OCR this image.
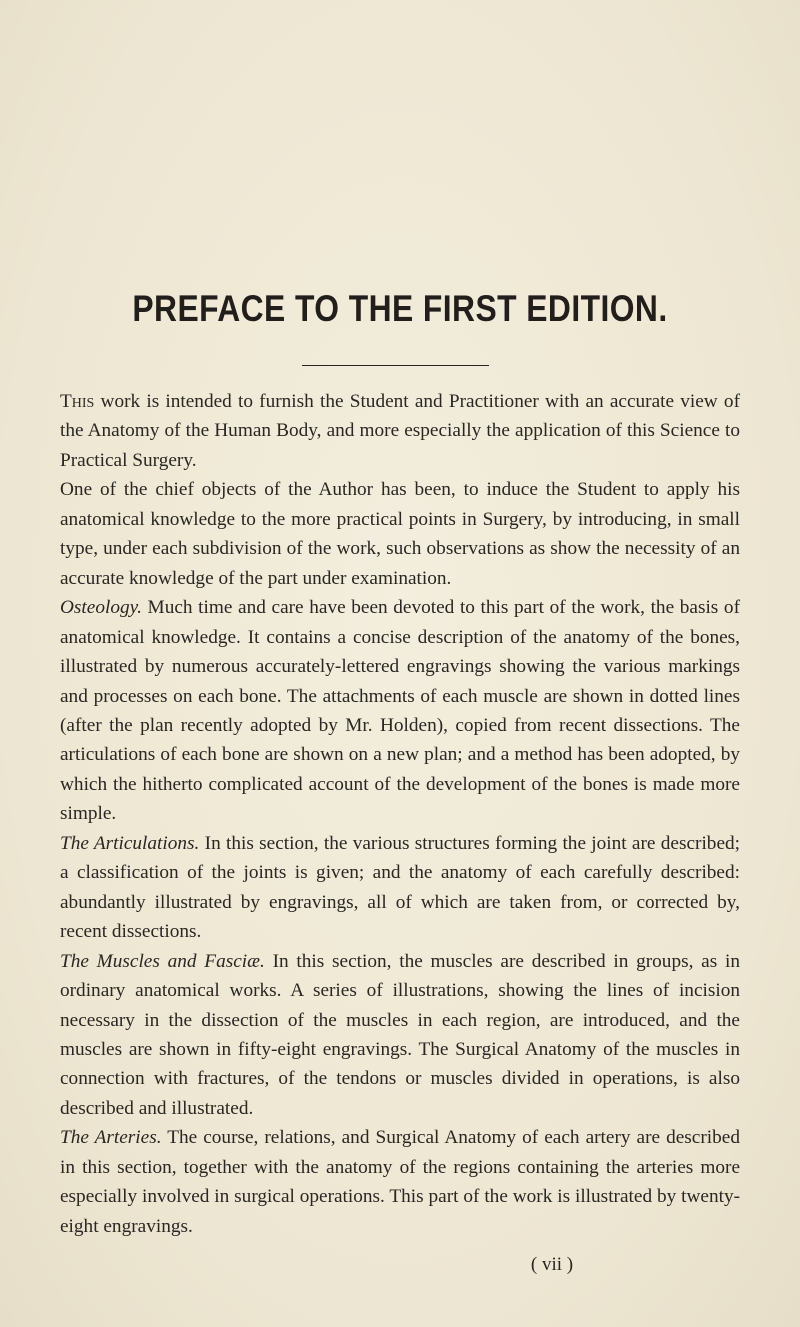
PREFACE TO THE FIRST EDITION.

This work is intended to furnish the Student and Practitioner with an accurate view of the Anatomy of the Human Body, and more especially the application of this Science to Practical Surgery.

One of the chief objects of the Author has been, to induce the Student to apply his anatomical knowledge to the more practical points in Surgery, by introducing, in small type, under each subdivision of the work, such observations as show the necessity of an accurate knowledge of the part under examination.

Osteology. Much time and care have been devoted to this part of the work, the basis of anatomical knowledge. It contains a concise description of the anatomy of the bones, illustrated by numerous accurately-lettered engravings showing the various markings and processes on each bone. The attachments of each muscle are shown in dotted lines (after the plan recently adopted by Mr. Holden), copied from recent dissections. The articulations of each bone are shown on a new plan; and a method has been adopted, by which the hitherto complicated account of the development of the bones is made more simple.

The Articulations. In this section, the various structures forming the joint are described; a classification of the joints is given; and the anatomy of each carefully described: abundantly illustrated by engravings, all of which are taken from, or corrected by, recent dissections.

The Muscles and Fasciæ. In this section, the muscles are described in groups, as in ordinary anatomical works. A series of illustrations, showing the lines of incision necessary in the dissection of the muscles in each region, are introduced, and the muscles are shown in fifty-eight engravings. The Surgical Anatomy of the muscles in connection with fractures, of the tendons or muscles divided in operations, is also described and illustrated.

The Arteries. The course, relations, and Surgical Anatomy of each artery are described in this section, together with the anatomy of the regions containing the arteries more especially involved in surgical operations. This part of the work is illustrated by twenty-eight engravings.

( vii )
